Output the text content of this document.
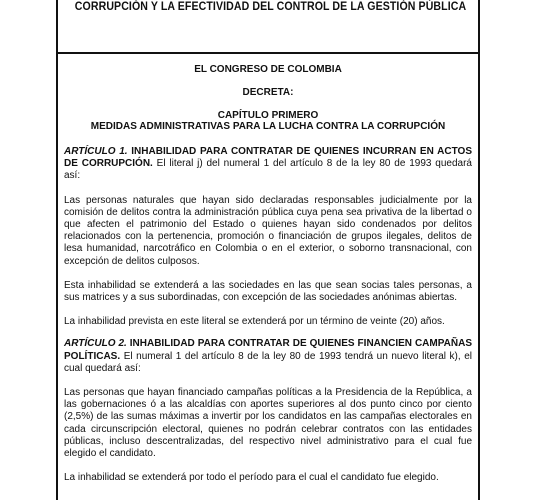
CORRUPCIÓN Y LA EFECTIVIDAD DEL CONTROL DE LA GESTIÓN PÚBLICA
EL CONGRESO DE COLOMBIA
DECRETA:
CAPÍTULO PRIMERO
MEDIDAS ADMINISTRATIVAS PARA LA LUCHA CONTRA LA CORRUPCIÓN

ARTÍCULO 1. INHABILIDAD PARA CONTRATAR DE QUIENES INCURRAN EN ACTOS DE CORRUPCIÓN. El literal j) del numeral 1 del artículo 8 de la ley 80 de 1993 quedará así:

Las personas naturales que hayan sido declaradas responsables judicialmente por la comisión de delitos contra la administración pública cuya pena sea privativa de la libertad o que afecten el patrimonio del Estado o quienes hayan sido condenados por delitos relacionados con la pertenencia, promoción o financiación de grupos ilegales, delitos de lesa humanidad, narcotráfico en Colombia o en el exterior, o soborno transnacional, con excepción de delitos culposos.

Esta inhabilidad se extenderá a las sociedades en las que sean socias tales personas, a sus matrices y a sus subordinadas, con excepción de las sociedades anónimas abiertas.

La inhabilidad prevista en este literal se extenderá por un término de veinte (20) años.

ARTÍCULO 2. INHABILIDAD PARA CONTRATAR DE QUIENES FINANCIEN CAMPAÑAS POLÍTICAS. El numeral 1 del artículo 8 de la ley 80 de 1993 tendrá un nuevo literal k), el cual quedará así:

Las personas que hayan financiado campañas políticas a la Presidencia de la República, a las gobernaciones ó a las alcaldías con aportes superiores al dos punto cinco por ciento (2,5%) de las sumas máximas a invertir por los candidatos en las campañas electorales en cada circunscripción electoral, quienes no podrán celebrar contratos con las entidades públicas, incluso descentralizadas, del respectivo nivel administrativo para el cual fue elegido el candidato.

La inhabilidad se extenderá por todo el período para el cual el candidato fue elegido.
